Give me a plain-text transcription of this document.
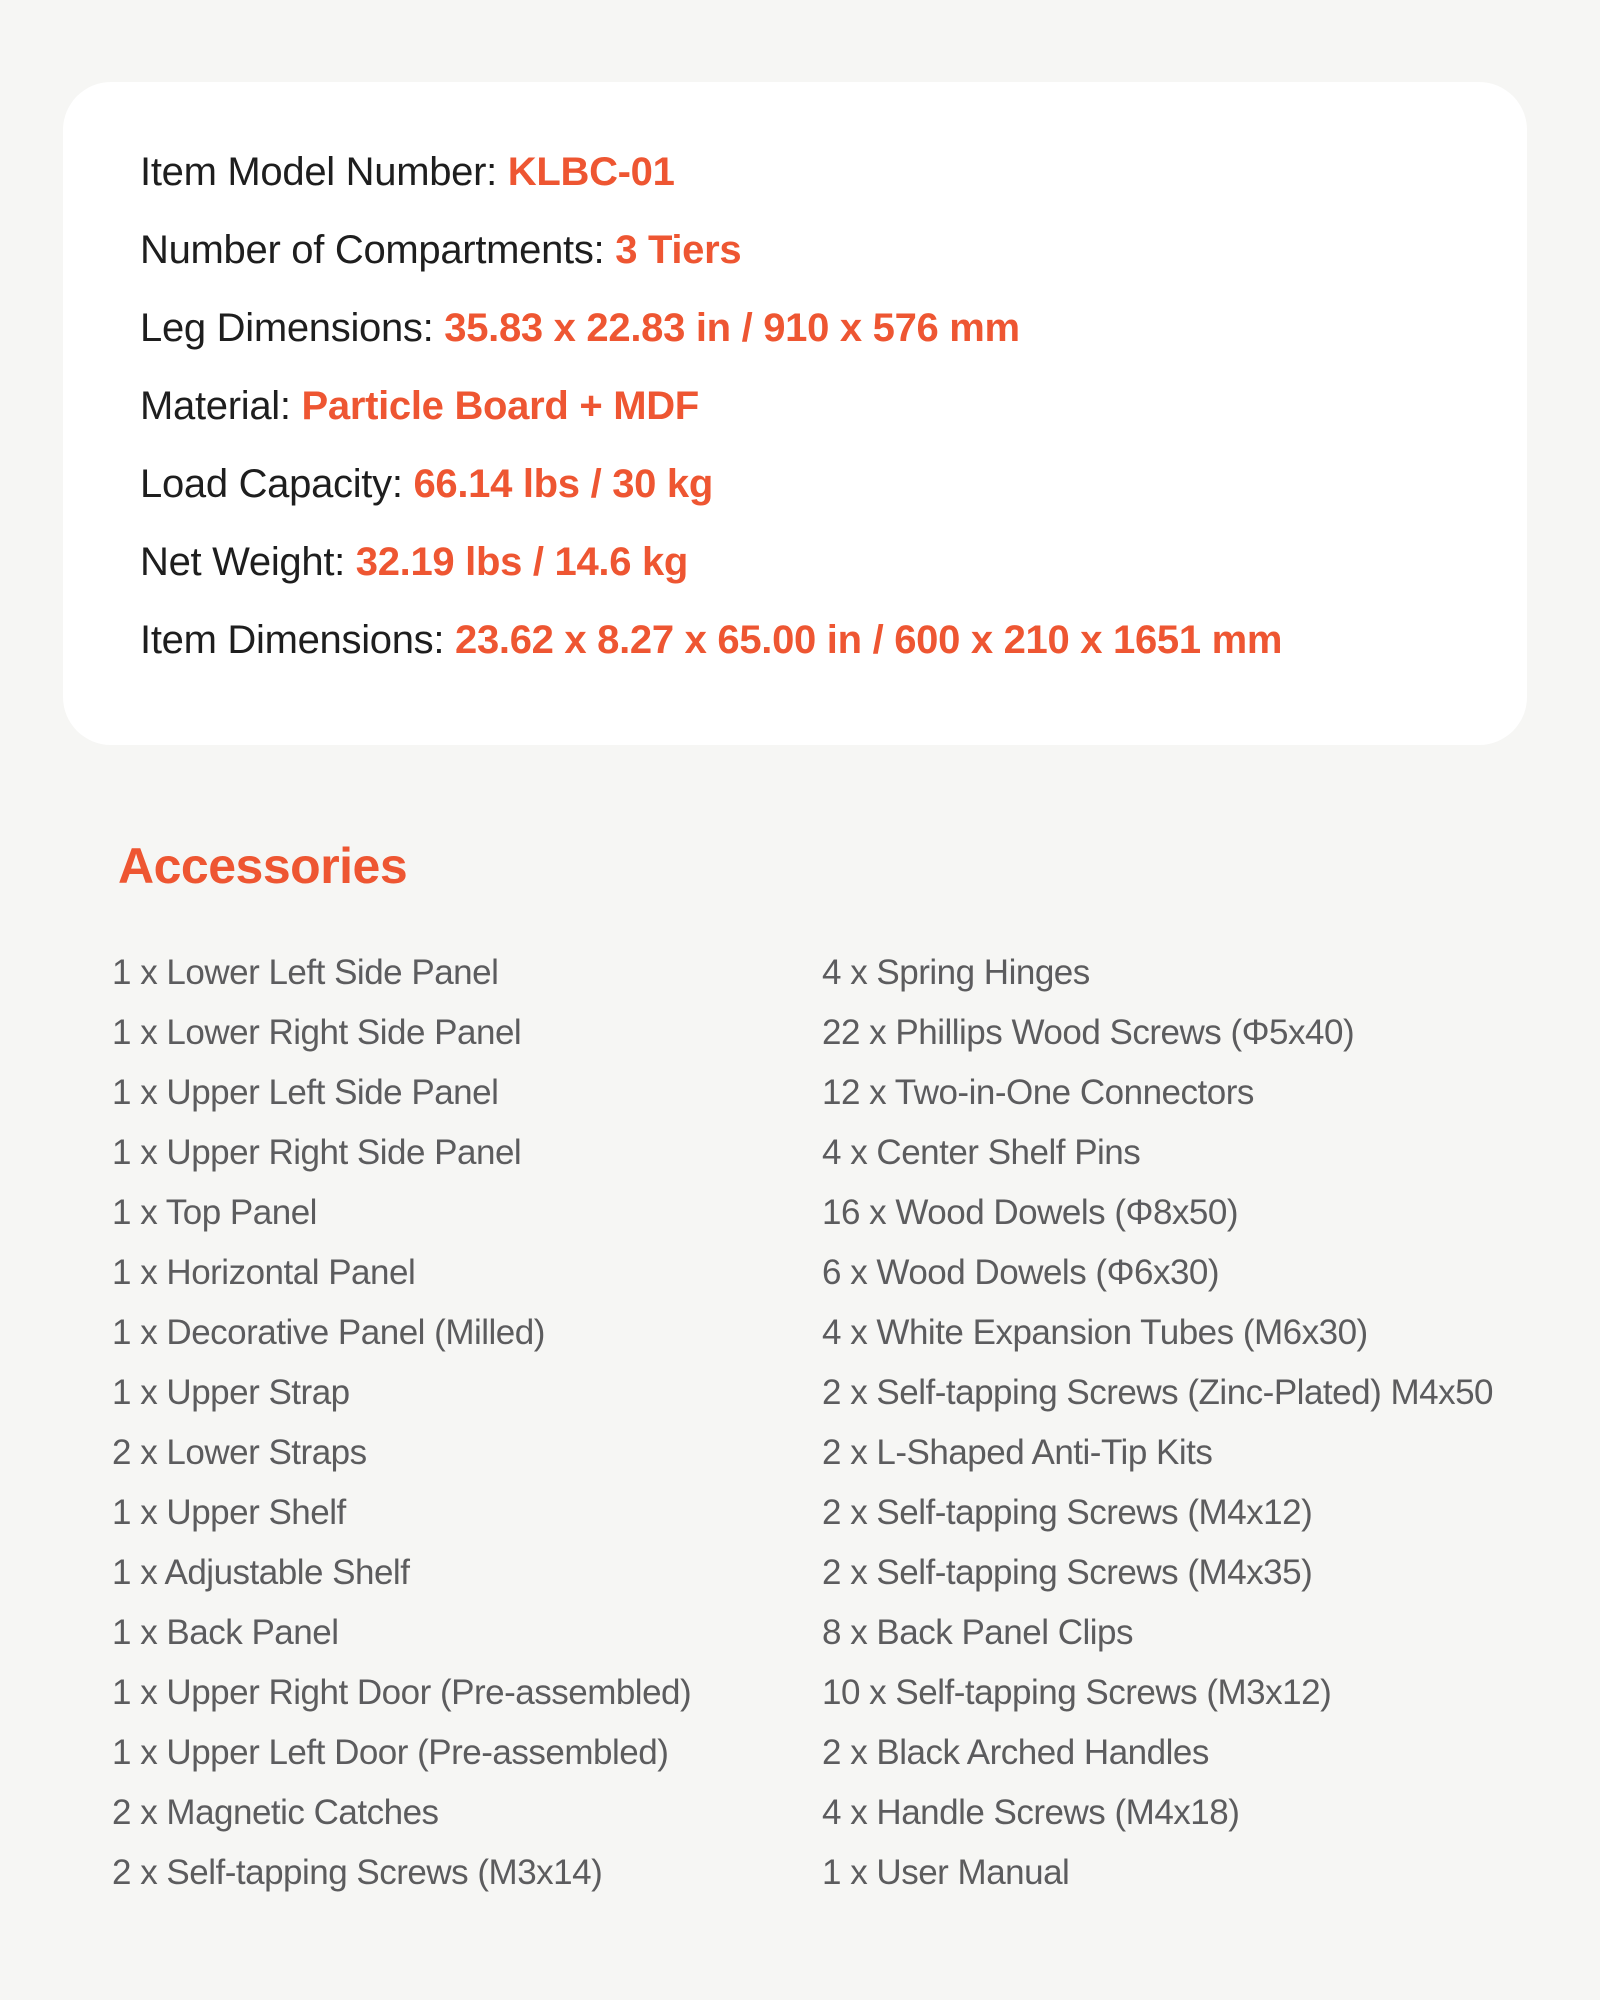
Item Model Number: KLBC-01
Number of Compartments: 3 Tiers
Leg Dimensions: 35.83 x 22.83 in / 910 x 576 mm
Material: Particle Board + MDF
Load Capacity: 66.14 lbs / 30 kg
Net Weight: 32.19 lbs / 14.6 kg
Item Dimensions: 23.62 x 8.27 x 65.00 in / 600 x 210 x 1651 mm
Accessories
1 x Lower Left Side Panel
1 x Lower Right Side Panel
1 x Upper Left Side Panel
1 x Upper Right Side Panel
1 x Top Panel
1 x Horizontal Panel
1 x Decorative Panel (Milled)
1 x Upper Strap
2 x Lower Straps
1 x Upper Shelf
1 x Adjustable Shelf
1 x Back Panel
1 x Upper Right Door (Pre-assembled)
1 x Upper Left Door (Pre-assembled)
2 x Magnetic Catches
2 x Self-tapping Screws (M3x14)
4 x Spring Hinges
22 x Phillips Wood Screws (Φ5x40)
12 x Two-in-One Connectors
4 x Center Shelf Pins
16 x Wood Dowels (Φ8x50)
6 x Wood Dowels (Φ6x30)
4 x White Expansion Tubes (M6x30)
2 x Self-tapping Screws (Zinc-Plated) M4x50
2 x L-Shaped Anti-Tip Kits
2 x Self-tapping Screws (M4x12)
2 x Self-tapping Screws (M4x35)
8 x Back Panel Clips
10 x Self-tapping Screws (M3x12)
2 x Black Arched Handles
4 x Handle Screws (M4x18)
1 x User Manual
